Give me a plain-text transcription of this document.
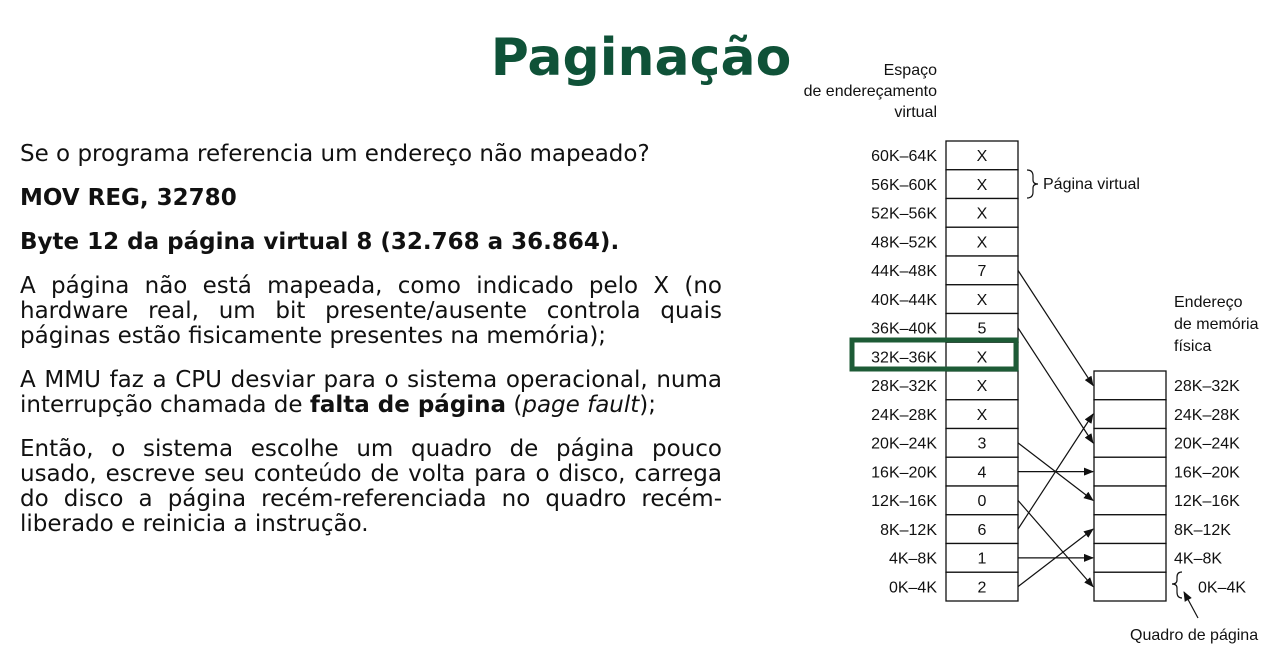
Paginação

Se o programa referencia um endereço não mapeado?

MOV REG, 32780

Byte 12 da página virtual 8 (32.768 a 36.864).

A página não está mapeada, como indicado pelo X (no hardware real, um bit presente/ausente controla quais páginas estão fisicamente presentes na memória);

A MMU faz a CPU desviar para o sistema operacional, numa interrupção chamada de falta de página (page fault);

Então, o sistema escolhe um quadro de página pouco usado, escreve seu conteúdo de volta para o disco, carrega do disco a página recém-referenciada no quadro recém-liberado e reinicia a instrução.

Espaço
de endereçamento
virtual
Endereço
de memória
física
X
60K–64K
X
56K–60K
X
52K–56K
X
48K–52K
7
44K–48K
X
40K–44K
5
36K–40K
X
32K–36K
X
28K–32K
X
24K–28K
3
20K–24K
4
16K–20K
0
12K–16K
6
8K–12K
1
4K–8K
2
0K–4K
28K–32K
24K–28K
20K–24K
16K–20K
12K–16K
8K–12K
4K–8K
0K–4K
Página virtual
Quadro de página
